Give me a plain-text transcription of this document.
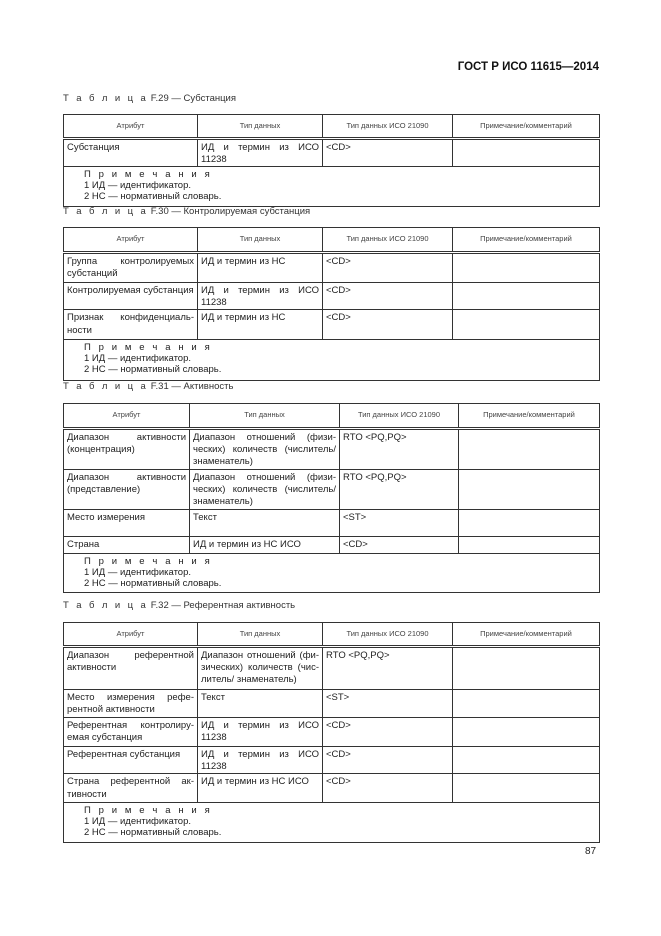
ГОСТ Р ИСО 11615—2014
Т а б л и ц а F.29 — Субстанция
Атрибут	Тип данных	Тип данных ИСО 21090	Примечание/комментарий
Субстанция	ИД и термин из ИСО 11238	<CD>	

П р и м е ч а н и я
1 ИД — идентификатор.
2 НС — нормативный словарь.			
Т а б л и ц а F.30 — Контролируемая субстанция
Атрибут	Тип данных	Тип данных ИСО 21090	Примечание/комментарий
Группа контролируемых субстанций	ИД и термин из НС	<CD>	
Контролируемая субстанция	ИД и термин из ИСО 11238	<CD>	
Признак конфиденциальности	ИД и термин из НС	<CD>	

П р и м е ч а н и я
1 ИД — идентификатор.
2 НС — нормативный словарь.			
Т а б л и ц а F.31 — Активность
Атрибут	Тип данных	Тип данных ИСО 21090	Примечание/комментарий
Диапазон активности (концентрация)	Диапазон отношений (физических) количеств (числитель/ знаменатель)	RTO <PQ,PQ>	
Диапазон активности (представление)	Диапазон отношений (физических) количеств (числитель/ знаменатель)	RTO <PQ,PQ>	
Место измерения	Текст	<ST>	
Страна	ИД и термин из НС ИСО	<CD>	

П р и м е ч а н и я
1 ИД — идентификатор.
2 НС — нормативный словарь.			
Т а б л и ц а F.32 — Референтная активность
Атрибут	Тип данных	Тип данных ИСО 21090	Примечание/комментарий
Диапазон референтной активности	Диапазон отношений (физических) количеств (числитель/ знаменатель)	RTO <PQ,PQ>	
Место измерения референтной активности	Текст	<ST>	
Референтная контролируемая субстанция	ИД и термин из ИСО 11238	<CD>	
Референтная субстанция	ИД и термин из ИСО 11238	<CD>	
Страна референтной активности	ИД и термин из НС ИСО	<CD>	

П р и м е ч а н и я
1 ИД — идентификатор.
2 НС — нормативный словарь.			
87
